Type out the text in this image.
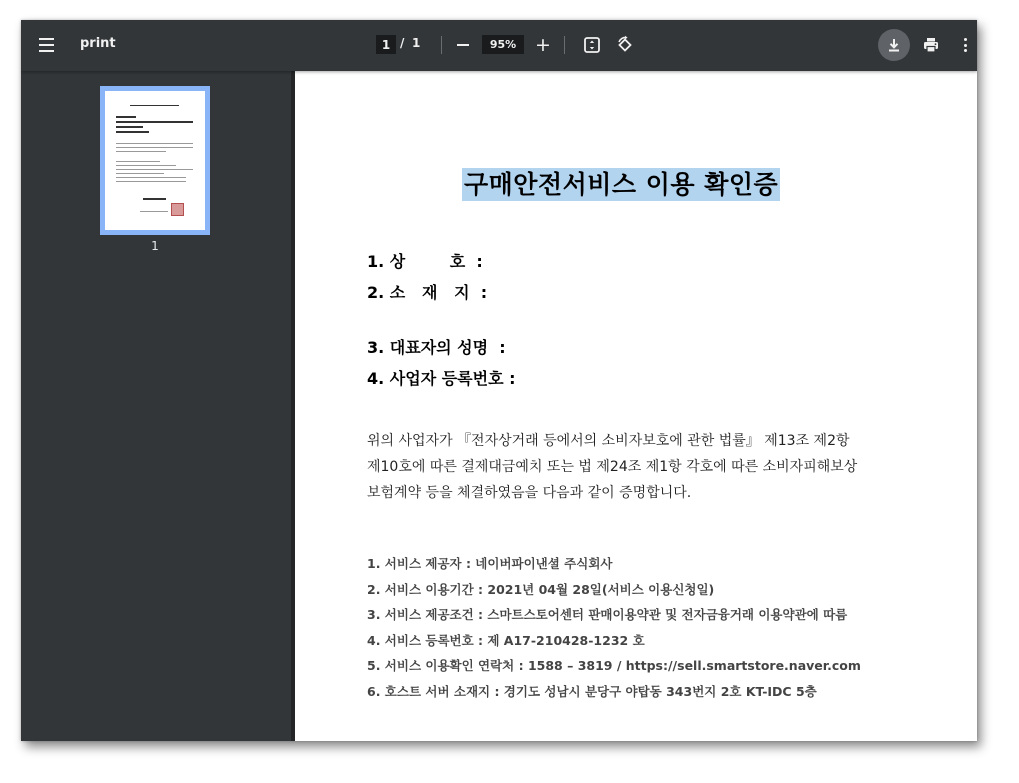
print	1 / 1	95% +
1
구매안전서비스 이용 확인증
1. 상        호  :
2. 소   재   지  :
3. 대표자의 성명  :
4. 사업자 등록번호 :
위의 사업자가 『전자상거래 등에서의 소비자보호에 관한 법률』 제13조 제2항
제10호에 따른 결제대금예치 또는 법 제24조 제1항 각호에 따른 소비자피해보상
보험계약 등을 체결하였음을 다음과 같이 증명합니다.
1. 서비스 제공자 : 네이버파이낸셜 주식회사
2. 서비스 이용기간 : 2021년 04월 28일(서비스 이용신청일)
3. 서비스 제공조건 : 스마트스토어센터 판매이용약관 및 전자금융거래 이용약관에 따름
4. 서비스 등록번호 : 제 A17-210428-1232 호
5. 서비스 이용확인 연락처 : 1588 – 3819 / https://sell.smartstore.naver.com
6. 호스트 서버 소재지 : 경기도 성남시 분당구 야탑동 343번지 2호 KT-IDC 5층
